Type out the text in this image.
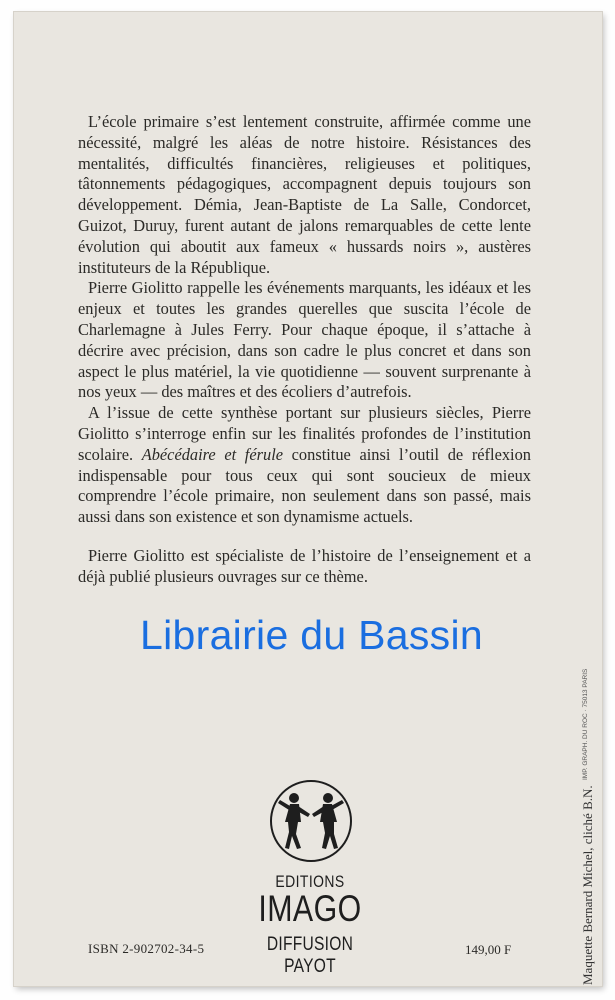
L’école primaire s’est lentement construite, affirmée comme une nécessité, malgré les aléas de notre histoire. Résistances des mentalités, difficultés financières, religieuses et politiques, tâtonnements pédagogiques, accompagnent depuis toujours son développement. Démia, Jean-Baptiste de La Salle, Condorcet, Guizot, Duruy, furent autant de jalons remarquables de cette lente évolution qui aboutit aux fameux « hussards noirs », austères instituteurs de la République.

Pierre Giolitto rappelle les événements marquants, les idéaux et les enjeux et toutes les grandes querelles que suscita l’école de Charlemagne à Jules Ferry. Pour chaque époque, il s’attache à décrire avec précision, dans son cadre le plus concret et dans son aspect le plus matériel, la vie quotidienne — souvent surprenante à nos yeux — des maîtres et des écoliers d’autrefois.

A l’issue de cette synthèse portant sur plusieurs siècles, Pierre Giolitto s’interroge enfin sur les finalités profondes de l’institution scolaire. Abécédaire et férule constitue ainsi l’outil de réflexion indispensable pour tous ceux qui sont soucieux de mieux comprendre l’école primaire, non seulement dans son passé, mais aussi dans son existence et son dynamisme actuels.

Pierre Giolitto est spécialiste de l’histoire de l’enseignement et a déjà publié plusieurs ouvrages sur ce thème.

Librairie du Bassin
IMP. GRAPH. DU ROC · 75013 PARIS
Maquette Bernard Michel, cliché B.N.
EDITIONS
IMAGO
DIFFUSION PAYOT
ISBN 2-902702-34-5	149,00 F
